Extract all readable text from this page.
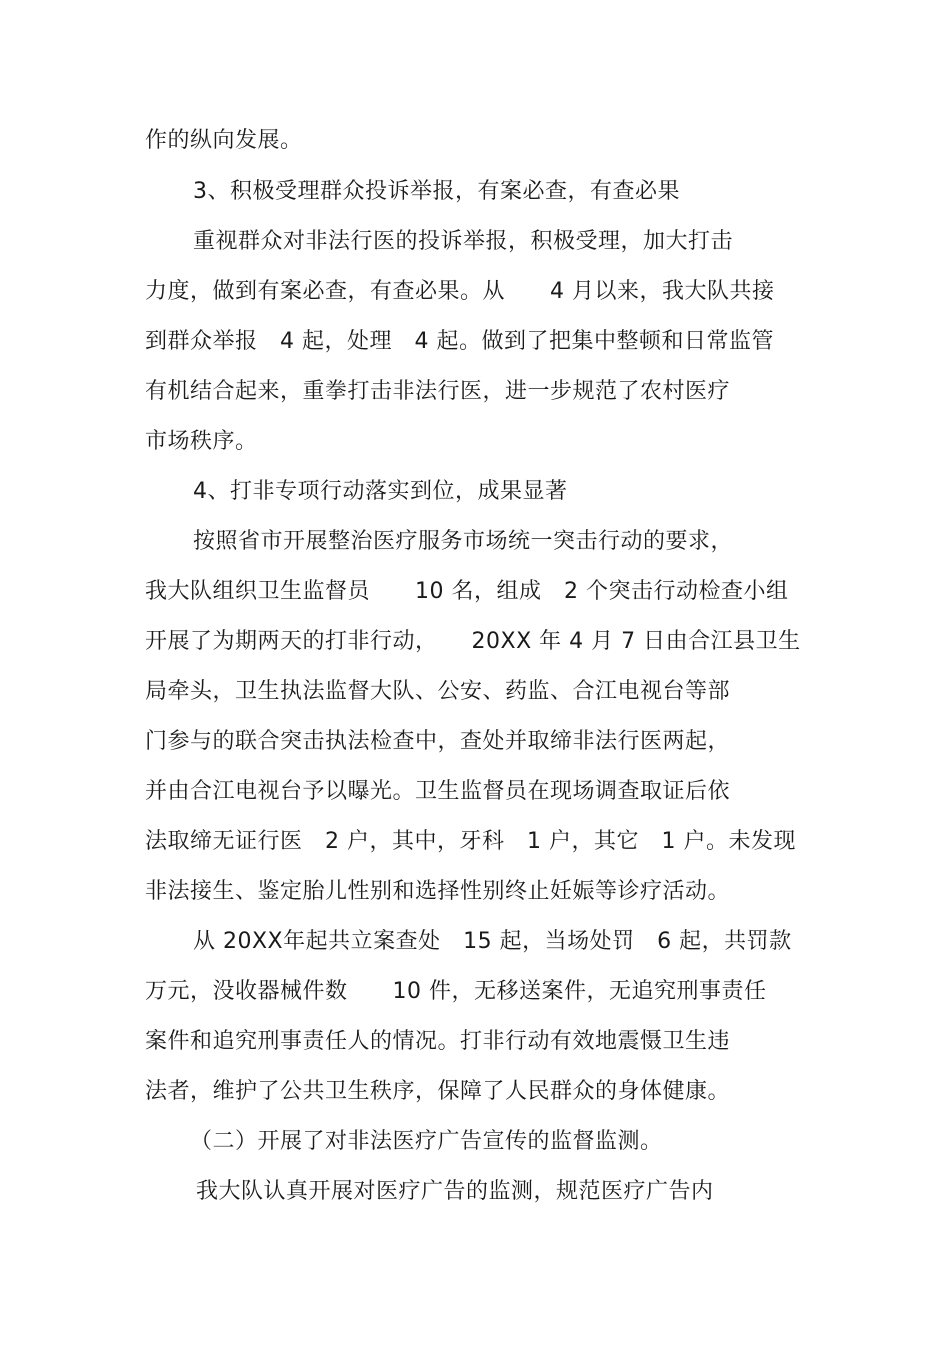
作的纵向发展。
3、积极受理群众投诉举报，有案必查，有查必果
重视群众对非法行医的投诉举报，积极受理，加大打击
力度，做到有案必查，有查必果。从　　4 月以来，我大队共接
到群众举报　4 起，处理　4 起。做到了把集中整顿和日常监管
有机结合起来，重拳打击非法行医，进一步规范了农村医疗
市场秩序。
4、打非专项行动落实到位，成果显著
按照省市开展整治医疗服务市场统一突击行动的要求，
我大队组织卫生监督员　　10 名，组成　2 个突击行动检查小组
开展了为期两天的打非行动，　　20XX 年 4 月 7 日由合江县卫生
局牵头，卫生执法监督大队、公安、药监、合江电视台等部
门参与的联合突击执法检查中，查处并取缔非法行医两起，
并由合江电视台予以曝光。卫生监督员在现场调查取证后依
法取缔无证行医　2 户，其中，牙科　1 户，其它　1 户。未发现
非法接生、鉴定胎儿性别和选择性别终止妊娠等诊疗活动。
从 20XX年起共立案查处　15 起，当场处罚　6 起，共罚款
万元，没收器械件数　　10 件，无移送案件，无追究刑事责任
案件和追究刑事责任人的情况。打非行动有效地震慑卫生违
法者，维护了公共卫生秩序，保障了人民群众的身体健康。
（二）开展了对非法医疗广告宣传的监督监测。
我大队认真开展对医疗广告的监测，规范医疗广告内
